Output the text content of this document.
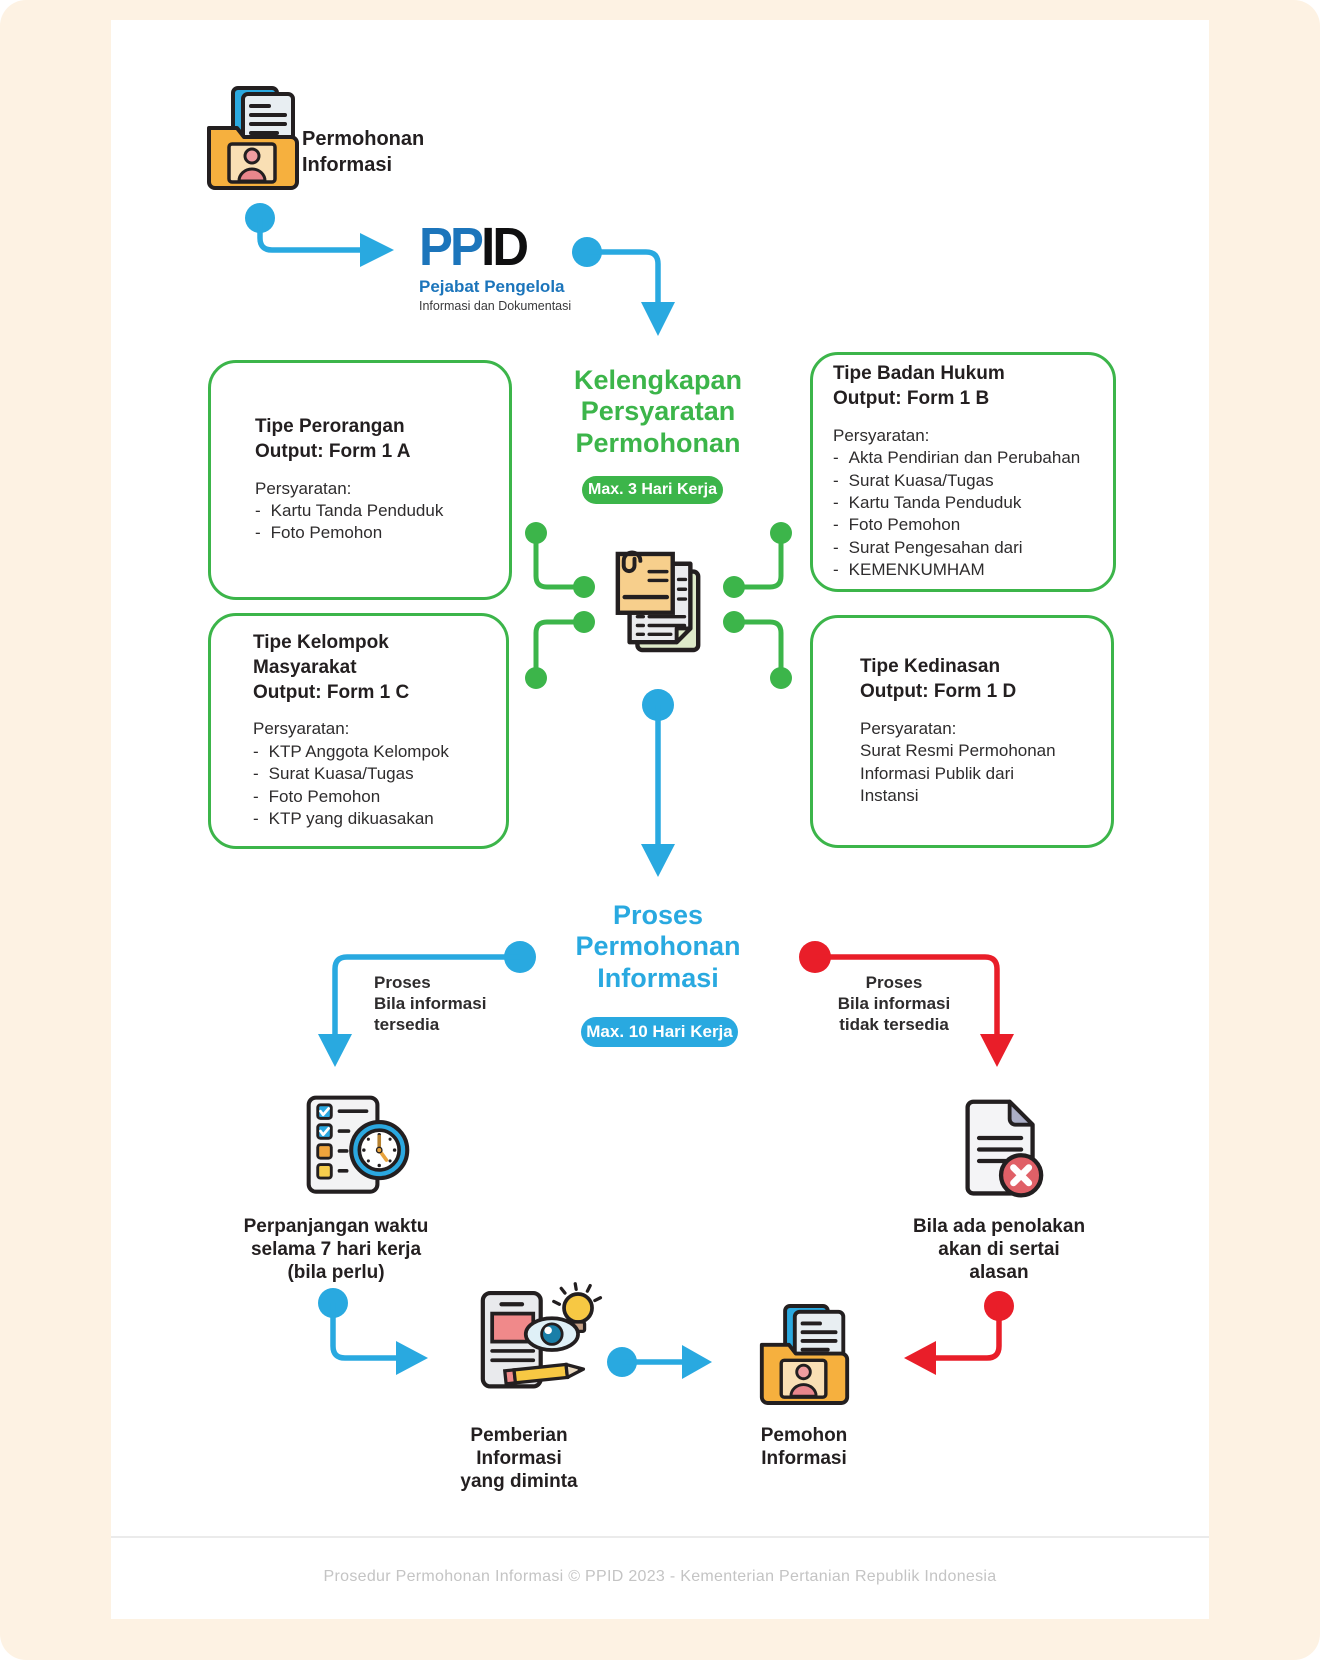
Permohonan
Informasi
PPID
Pejabat Pengelola
Informasi dan Dokumentasi
Kelengkapan
Persyaratan
Permohonan
Max. 3 Hari Kerja
Tipe Perorangan
Output: Form 1 A
Persyaratan:
- Kartu Tanda Penduduk
- Foto Pemohon
Tipe Badan Hukum
Output: Form 1 B
Persyaratan:
- Akta Pendirian dan Perubahan
- Surat Kuasa/Tugas
- Kartu Tanda Penduduk
- Foto Pemohon
- Surat Pengesahan dari
- KEMENKUMHAM
Tipe Kelompok
Masyarakat
Output: Form 1 C
Persyaratan:
- KTP Anggota Kelompok
- Surat Kuasa/Tugas
- Foto Pemohon
- KTP yang dikuasakan
Tipe Kedinasan
Output: Form 1 D
Persyaratan:
Surat Resmi Permohonan
Informasi Publik dari
Instansi
Proses
Permohonan
Informasi
Max. 10 Hari Kerja
Proses
Bila informasi
tersedia
Proses
Bila informasi
tidak tersedia
Perpanjangan waktu
selama 7 hari kerja
(bila perlu)
Bila ada penolakan
akan di sertai alasan
Pemberian Informasi
yang diminta
Pemohon
Informasi
Prosedur Permohonan Informasi © PPID 2023 - Kementerian Pertanian Republik Indonesia
